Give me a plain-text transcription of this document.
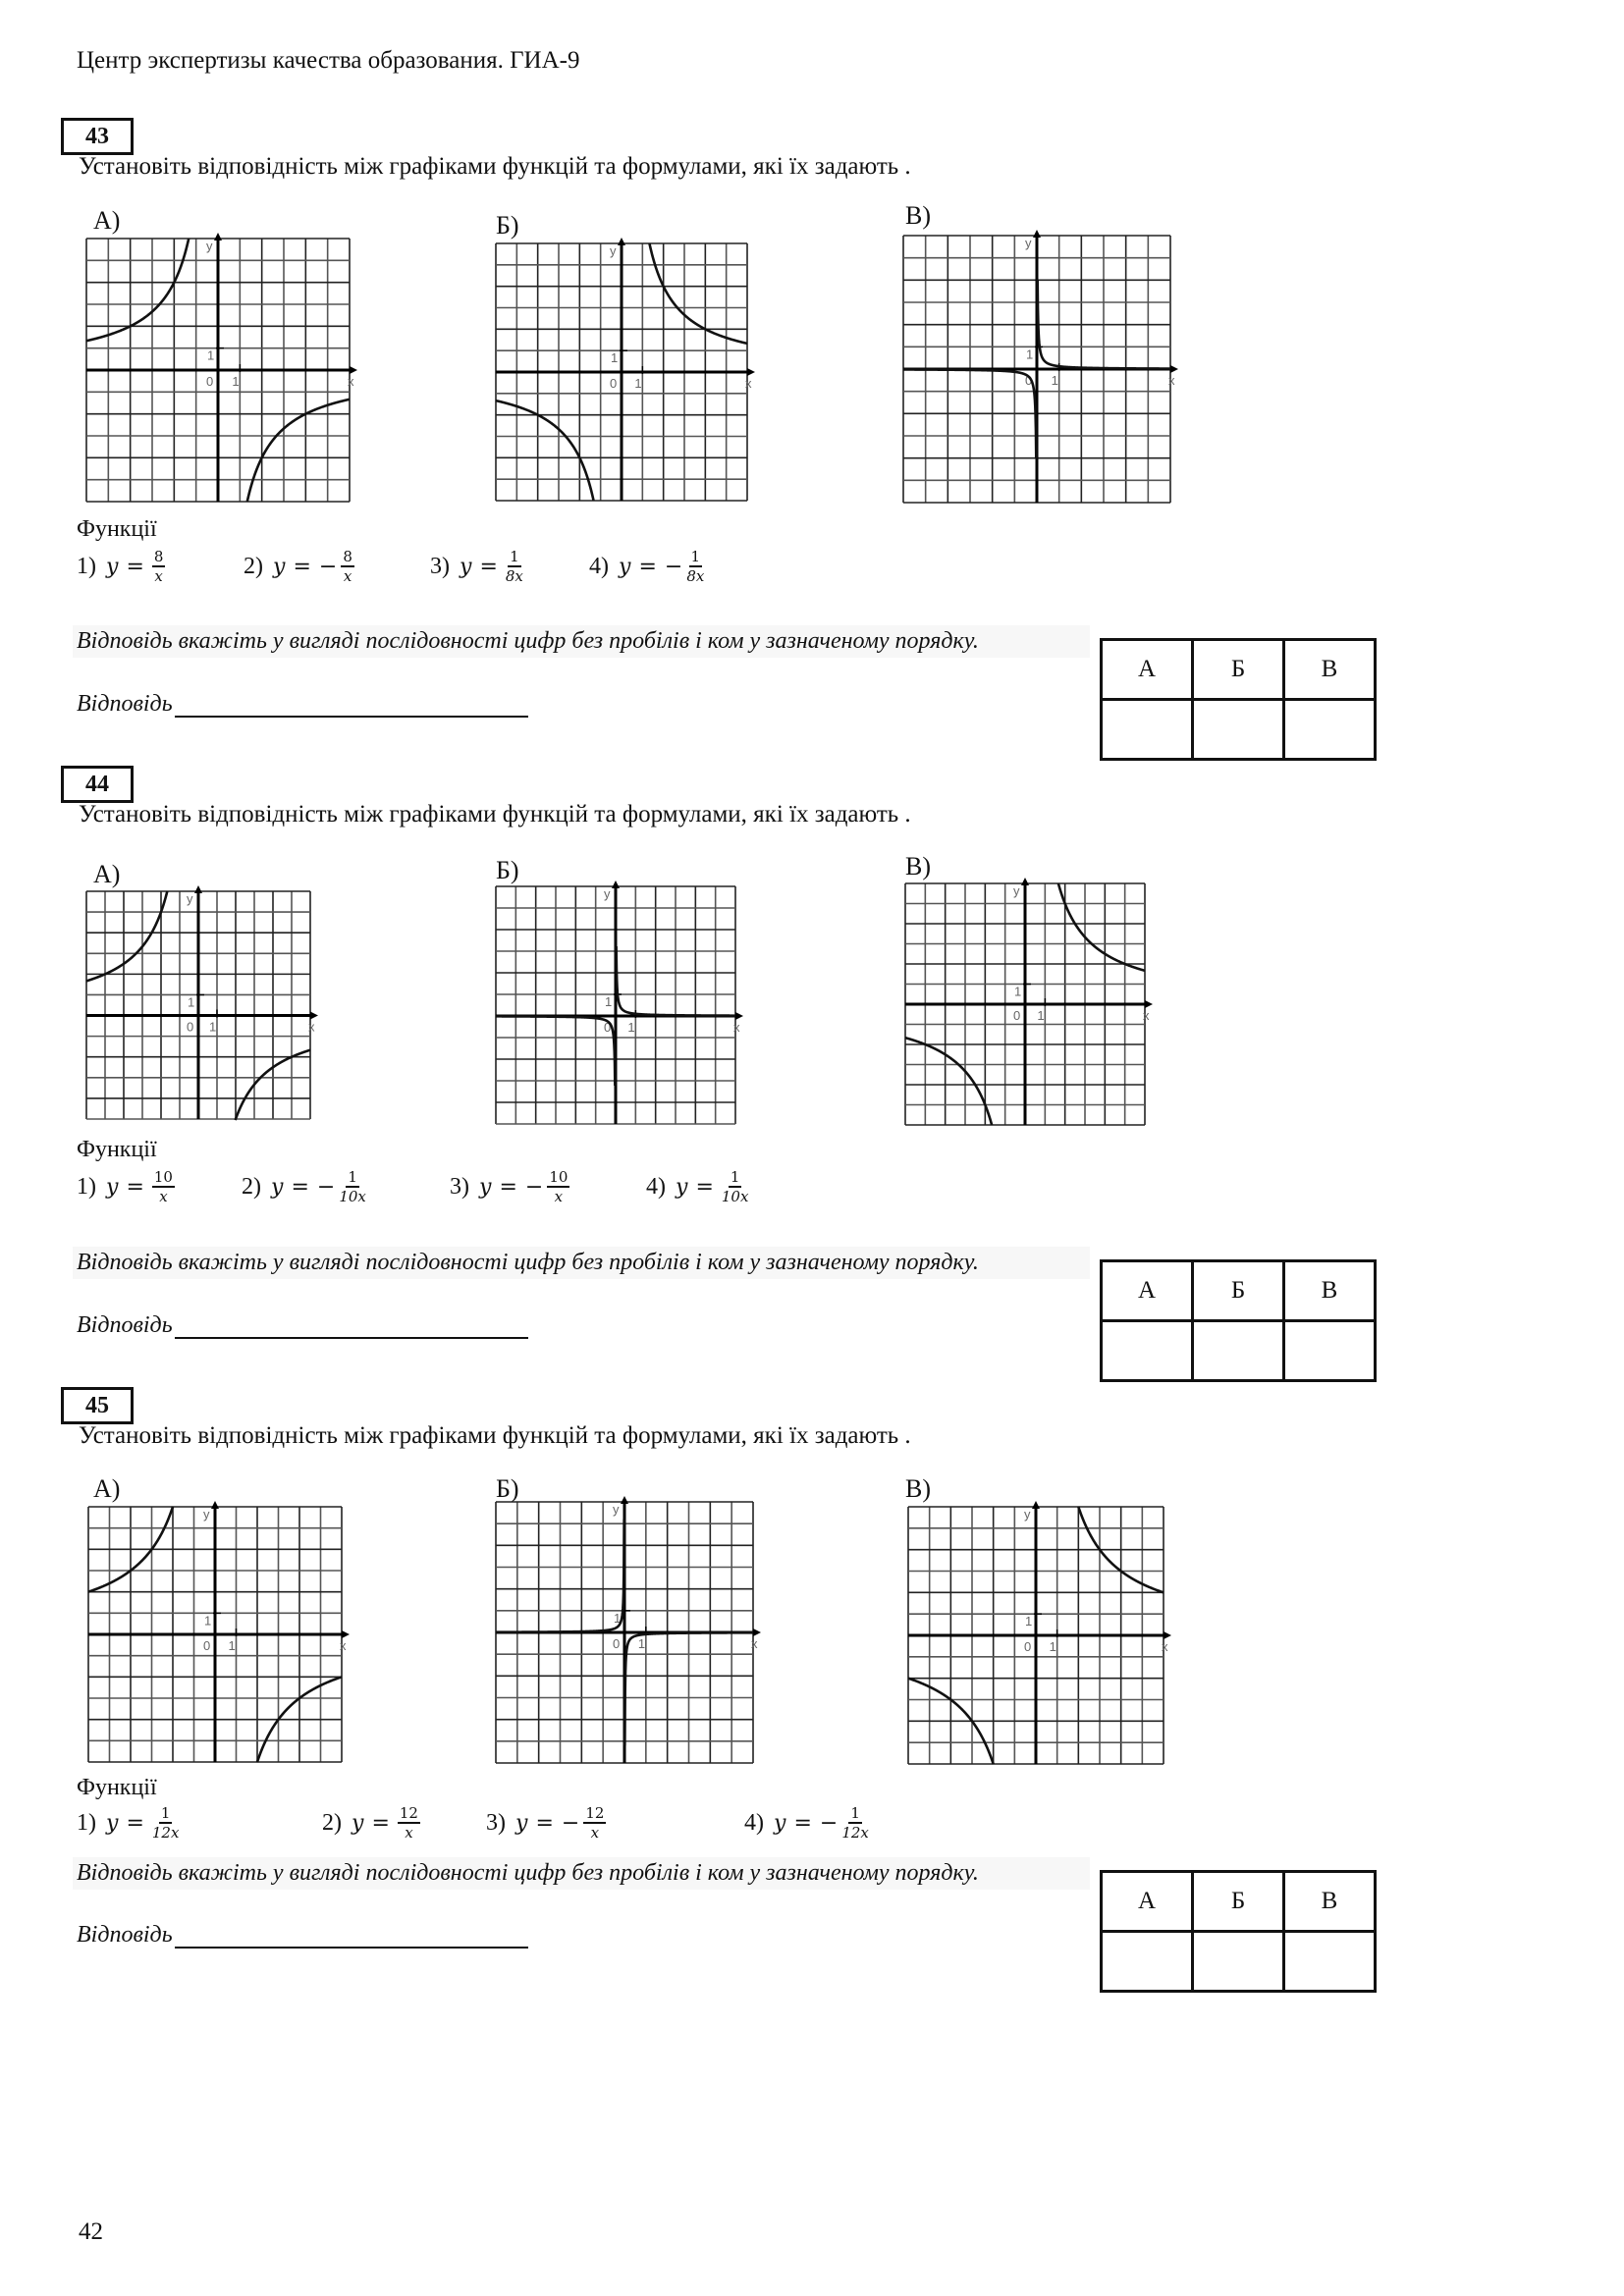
Центр экспертизы качества образования. ГИА-9
43
Установіть відповідність між графіками функцій та формулами, які їх задають .
А)	Б)	В)
y
x
0 1
1
y
x
0 1
1
y
x
0 1
1
Функції
1) $y = \frac{8}{x}$	2) y = − $\frac{8}{x}$	3) $y = \frac{1}{8x}$	4) y = − $\frac{1}{8x}$
Відповідь вкажіть у вигляді послідовності цифр без пробілів і ком у зазначеному порядку.
Відповідь
А	Б	В

44
Установіть відповідність між графіками функцій та формулами, які їх задають .
А)	Б)	В)
y
x
0 1
1
y
x
0 1
1
y
x
0 1
1
Функції
1) $y = \frac{10}{x}$	2) y = − $\frac{1}{10x}$	3) y = − $\frac{10}{x}$	4) $y = \frac{1}{10x}$
Відповідь вкажіть у вигляді послідовності цифр без пробілів і ком у зазначеному порядку.
Відповідь
А	Б	В

45
Установіть відповідність між графіками функцій та формулами, які їх задають .
А)	Б)	В)
y
x
0 1
1
y
x
0 1
1
y
x
0 1
1
Функції
1) $y = \frac{1}{12x}$	2) $y = \frac{12}{x}$	3) y = − $\frac{12}{x}$	4) y = − $\frac{1}{12x}$
Відповідь вкажіть у вигляді послідовності цифр без пробілів і ком у зазначеному порядку.
Відповідь
А	Б	В

42
